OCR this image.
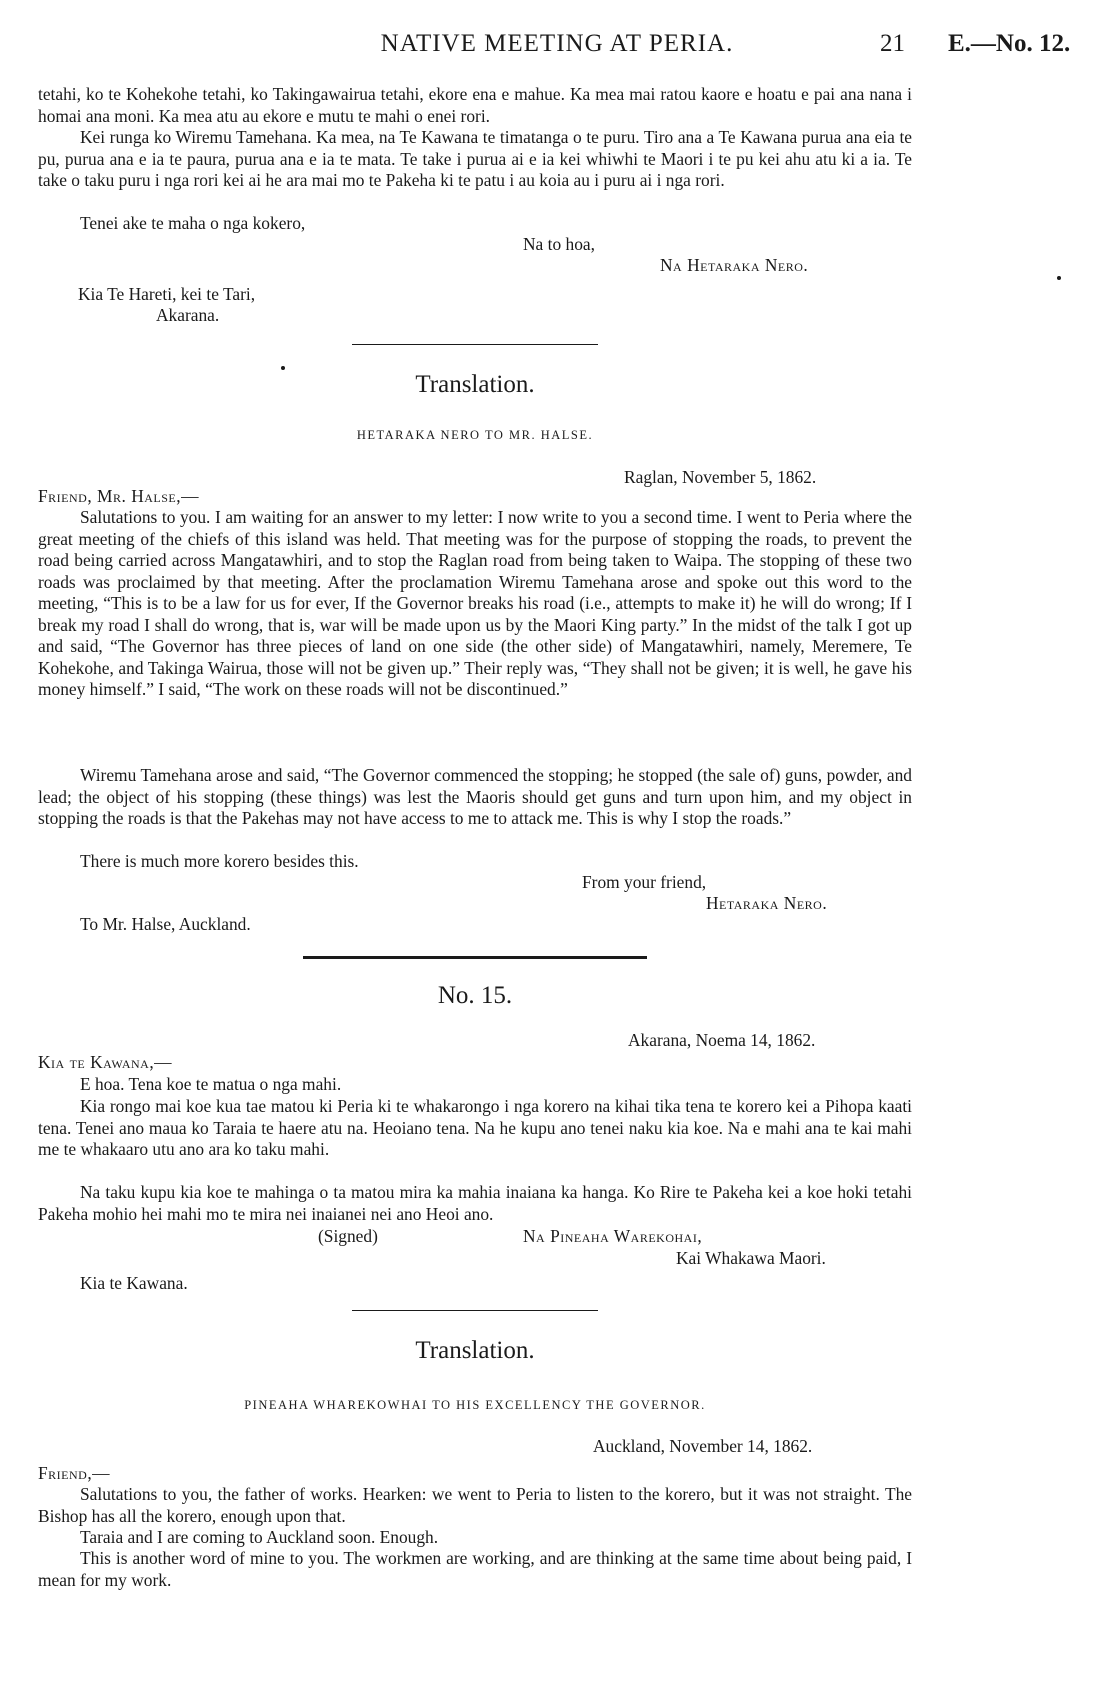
NATIVE MEETING AT PERIA.	21 E.—No. 12.
tetahi, ko te Kohekohe tetahi, ko Takingawairua tetahi, ekore ena e mahue. Ka mea mai ratou kaore e hoatu e pai ana nana i homai ana moni. Ka mea atu au ekore e mutu te mahi o enei rori.
Kei runga ko Wiremu Tamehana. Ka mea, na Te Kawana te timatanga o te puru. Tiro ana a Te Kawana purua ana eia te pu, purua ana e ia te paura, purua ana e ia te mata. Te take i purua ai e ia kei whiwhi te Maori i te pu kei ahu atu ki a ia. Te take o taku puru i nga rori kei ai he ara mai mo te Pakeha ki te patu i au koia au i puru ai i nga rori.
Tenei ake te maha o nga kokero,
Na to hoa,
Na Hetaraka Nero.
Kia Te Hareti, kei te Tari,
Akarana.
Translation.
HETARAKA NERO TO MR. HALSE.
Raglan, November 5, 1862.
Friend, Mr. Halse,—
Salutations to you. I am waiting for an answer to my letter: I now write to you a second time. I went to Peria where the great meeting of the chiefs of this island was held. That meeting was for the purpose of stopping the roads, to prevent the road being carried across Mangatawhiri, and to stop the Raglan road from being taken to Waipa. The stopping of these two roads was proclaimed by that meeting. After the proclamation Wiremu Tamehana arose and spoke out this word to the meeting, “This is to be a law for us for ever, If the Governor breaks his road (i.e., attempts to make it) he will do wrong; If I break my road I shall do wrong, that is, war will be made upon us by the Maori King party.” In the midst of the talk I got up and said, “The Governor has three pieces of land on one side (the other side) of Mangatawhiri, namely, Meremere, Te Kohekohe, and Takinga Wairua, those will not be given up.” Their reply was, “They shall not be given; it is well, he gave his money himself.” I said, “The work on these roads will not be discontinued.”
Wiremu Tamehana arose and said, “The Governor commenced the stopping; he stopped (the sale of) guns, powder, and lead; the object of his stopping (these things) was lest the Maoris should get guns and turn upon him, and my object in stopping the roads is that the Pakehas may not have access to me to attack me. This is why I stop the roads.”
There is much more korero besides this.
From your friend,
Hetaraka Nero.
To Mr. Halse, Auckland.
No. 15.
Akarana, Noema 14, 1862.
Kia te Kawana,—
E hoa. Tena koe te matua o nga mahi.
Kia rongo mai koe kua tae matou ki Peria ki te whakarongo i nga korero na kihai tika tena te korero kei a Pihopa kaati tena. Tenei ano maua ko Taraia te haere atu na. Heoiano tena. Na he kupu ano tenei naku kia koe. Na e mahi ana te kai mahi me te whakaaro utu ano ara ko taku mahi.
Na taku kupu kia koe te mahinga o ta matou mira ka mahia inaiana ka hanga. Ko Rire te Pakeha kei a koe hoki tetahi Pakeha mohio hei mahi mo te mira nei inaianei nei ano Heoi ano.
(Signed)	Na Pineaha Warekohai,
Kai Whakawa Maori.
Kia te Kawana.
Translation.
PINEAHA WHAREKOWHAI TO HIS EXCELLENCY THE GOVERNOR.
Auckland, November 14, 1862.
Friend,—
Salutations to you, the father of works. Hearken: we went to Peria to listen to the korero, but it was not straight. The Bishop has all the korero, enough upon that.
Taraia and I are coming to Auckland soon. Enough.
This is another word of mine to you. The workmen are working, and are thinking at the same time about being paid, I mean for my work.
